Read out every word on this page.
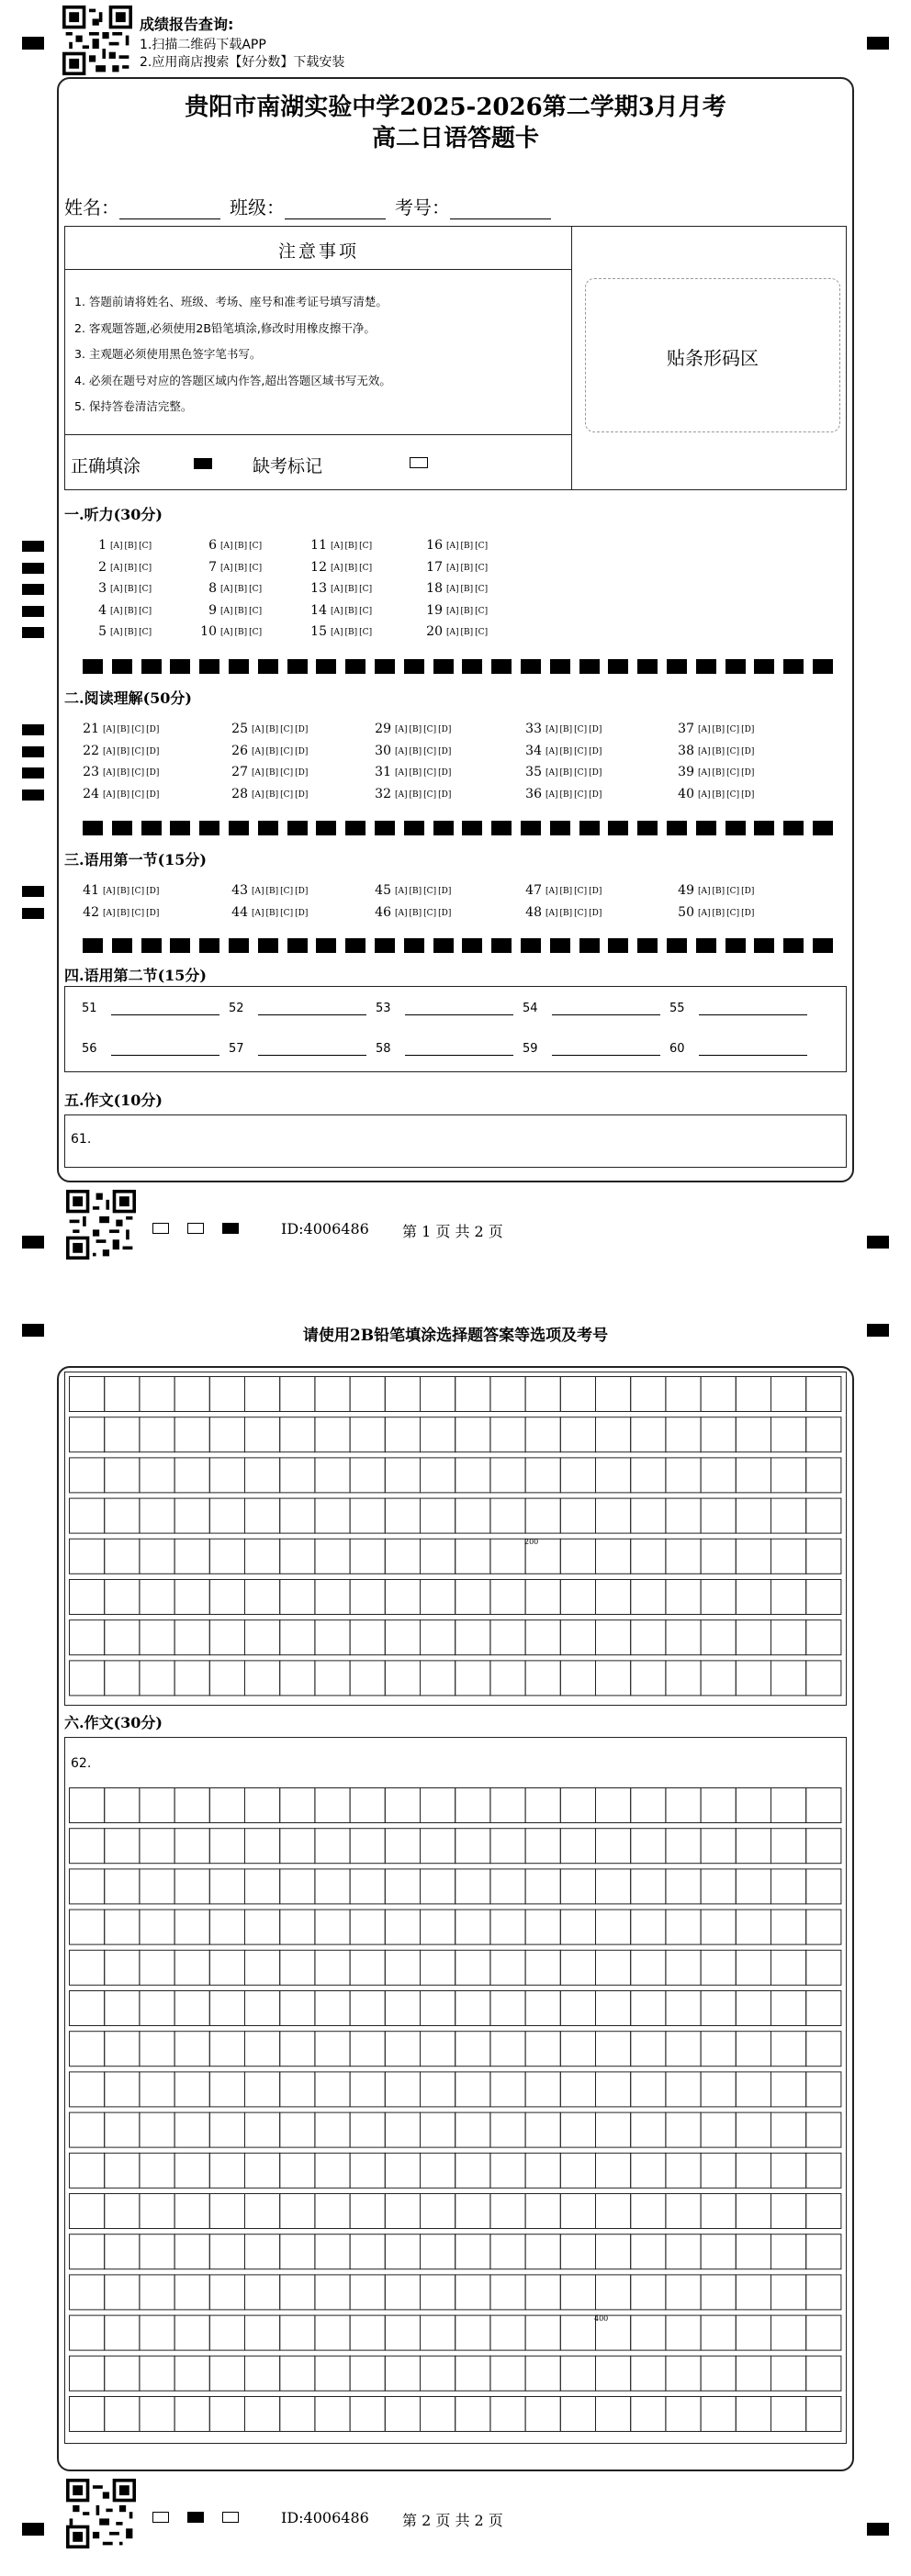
成绩报告查询:
1.扫描二维码下载APP
2.应用商店搜索【好分数】下载安装
贵阳市南湖实验中学2025-2026第二学期3月月考
高二日语答题卡
姓名：	班级：	考号：
注意事项
1. 答题前请将姓名、班级、考场、座号和准考证号填写清楚。
2. 客观题答题,必须使用2B铅笔填涂,修改时用橡皮擦干净。
3. 主观题必须使用黑色签字笔书写。
4. 必须在题号对应的答题区域内作答,超出答题区域书写无效。
5. 保持答卷清洁完整。
正确填涂	缺考标记
贴条形码区
一.听力(30分)
1 [A] [B] [C]	6 [A] [B] [C]	11 [A] [B] [C]	16 [A] [B] [C]
2 [A] [B] [C]	7 [A] [B] [C]	12 [A] [B] [C]	17 [A] [B] [C]
3 [A] [B] [C]	8 [A] [B] [C]	13 [A] [B] [C]	18 [A] [B] [C]
4 [A] [B] [C]	9 [A] [B] [C]	14 [A] [B] [C]	19 [A] [B] [C]
5 [A] [B] [C]	10 [A] [B] [C]	15 [A] [B] [C]	20 [A] [B] [C]
二.阅读理解(50分)
21 [A] [B] [C] [D]	25 [A] [B] [C] [D]	29 [A] [B] [C] [D]	33 [A] [B] [C] [D]	37 [A] [B] [C] [D]
22 [A] [B] [C] [D]	26 [A] [B] [C] [D]	30 [A] [B] [C] [D]	34 [A] [B] [C] [D]	38 [A] [B] [C] [D]
23 [A] [B] [C] [D]	27 [A] [B] [C] [D]	31 [A] [B] [C] [D]	35 [A] [B] [C] [D]	39 [A] [B] [C] [D]
24 [A] [B] [C] [D]	28 [A] [B] [C] [D]	32 [A] [B] [C] [D]	36 [A] [B] [C] [D]	40 [A] [B] [C] [D]
三.语用第一节(15分)
41 [A] [B] [C] [D]	43 [A] [B] [C] [D]	45 [A] [B] [C] [D]	47 [A] [B] [C] [D]	49 [A] [B] [C] [D]
42 [A] [B] [C] [D]	44 [A] [B] [C] [D]	46 [A] [B] [C] [D]	48 [A] [B] [C] [D]	50 [A] [B] [C] [D]
四.语用第二节(15分)
51	52	53	54	55
56	57	58	59	60
五.作文(10分)
61.
ID:4006486 第 1 页 共 2 页
请使用2B铅笔填涂选择题答案等选项及考号
200
六.作文(30分)
62.
400
ID:4006486 第 2 页 共 2 页
